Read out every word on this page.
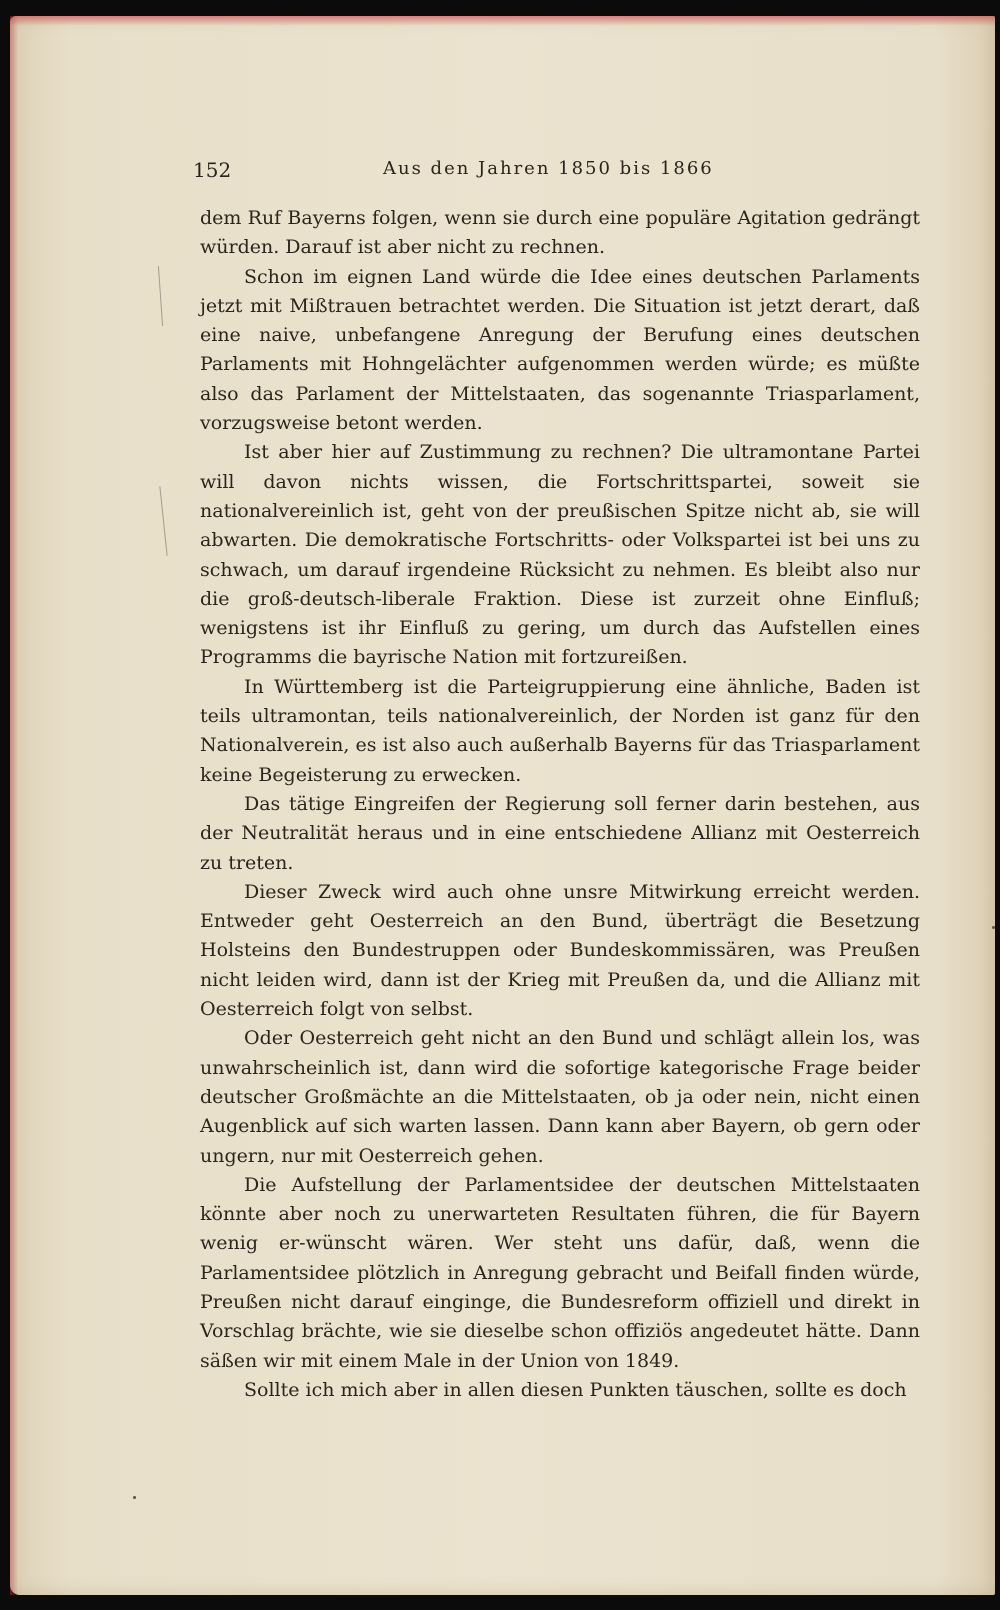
152	Aus den Jahren 1850 bis 1866

dem Ruf Bayerns folgen, wenn sie durch eine populäre Agitation gedrängt würden. Darauf ist aber nicht zu rechnen.

Schon im eignen Land würde die Idee eines deutschen Parlaments jetzt mit Mißtrauen betrachtet werden. Die Situation ist jetzt derart, daß eine naive, unbefangene Anregung der Berufung eines deutschen Parlaments mit Hohngelächter aufgenommen werden würde; es müßte also das Parlament der Mittelstaaten, das sogenannte Triasparlament, vorzugsweise betont werden.

Ist aber hier auf Zustimmung zu rechnen? Die ultramontane Partei will davon nichts wissen, die Fortschrittspartei, soweit sie nationalvereinlich ist, geht von der preußischen Spitze nicht ab, sie will abwarten. Die demokratische Fortschritts- oder Volkspartei ist bei uns zu schwach, um darauf irgendeine Rücksicht zu nehmen. Es bleibt also nur die groß-deutsch-liberale Fraktion. Diese ist zurzeit ohne Einfluß; wenigstens ist ihr Einfluß zu gering, um durch das Aufstellen eines Programms die bayrische Nation mit fortzureißen.

In Württemberg ist die Parteigruppierung eine ähnliche, Baden ist teils ultramontan, teils nationalvereinlich, der Norden ist ganz für den Nationalverein, es ist also auch außerhalb Bayerns für das Triasparlament keine Begeisterung zu erwecken.

Das tätige Eingreifen der Regierung soll ferner darin bestehen, aus der Neutralität heraus und in eine entschiedene Allianz mit Oesterreich zu treten.

Dieser Zweck wird auch ohne unsre Mitwirkung erreicht werden. Entweder geht Oesterreich an den Bund, überträgt die Besetzung Holsteins den Bundestruppen oder Bundeskommissären, was Preußen nicht leiden wird, dann ist der Krieg mit Preußen da, und die Allianz mit Oesterreich folgt von selbst.

Oder Oesterreich geht nicht an den Bund und schlägt allein los, was unwahrscheinlich ist, dann wird die sofortige kategorische Frage beider deutscher Großmächte an die Mittelstaaten, ob ja oder nein, nicht einen Augenblick auf sich warten lassen. Dann kann aber Bayern, ob gern oder ungern, nur mit Oesterreich gehen.

Die Aufstellung der Parlamentsidee der deutschen Mittelstaaten könnte aber noch zu unerwarteten Resultaten führen, die für Bayern wenig er-wünscht wären. Wer steht uns dafür, daß, wenn die Parlamentsidee plötzlich in Anregung gebracht und Beifall finden würde, Preußen nicht darauf einginge, die Bundesreform offiziell und direkt in Vorschlag brächte, wie sie dieselbe schon offiziös angedeutet hätte. Dann säßen wir mit einem Male in der Union von 1849.

Sollte ich mich aber in allen diesen Punkten täuschen, sollte es doch
